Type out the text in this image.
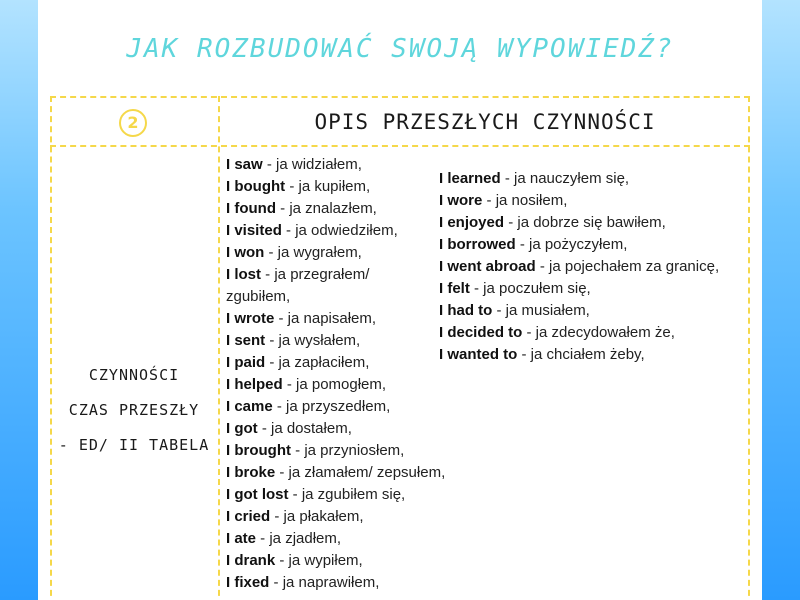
JAK ROZBUDOWAĆ SWOJĄ WYPOWIEDŹ?
2	OPIS PRZESZŁYCH CZYNNOŚCI
CZYNNOŚCI
CZAS PRZESZŁY
- ED/ II TABELA
I saw - ja widziałem,
I bought - ja kupiłem,
I found - ja znalazłem,
I visited - ja odwiedziłem,
I won - ja wygrałem,
I lost - ja przegrałem/
zgubiłem,
I wrote - ja napisałem,
I sent - ja wysłałem,
I paid - ja zapłaciłem,
I helped - ja pomogłem,
I came - ja przyszedłem,
I got - ja dostałem,
I brought - ja przyniosłem,
I broke - ja złamałem/ zepsułem,
I got lost - ja zgubiłem się,
I cried - ja płakałem,
I ate - ja zjadłem,
I drank - ja wypiłem,
I fixed - ja naprawiłem,
I learned - ja nauczyłem się,
I wore - ja nosiłem,
I enjoyed - ja dobrze się bawiłem,
I borrowed - ja pożyczyłem,
I went abroad - ja pojechałem za granicę,
I felt - ja poczułem się,
I had to - ja musiałem,
I decided to - ja zdecydowałem że,
I wanted to - ja chciałem żeby,
